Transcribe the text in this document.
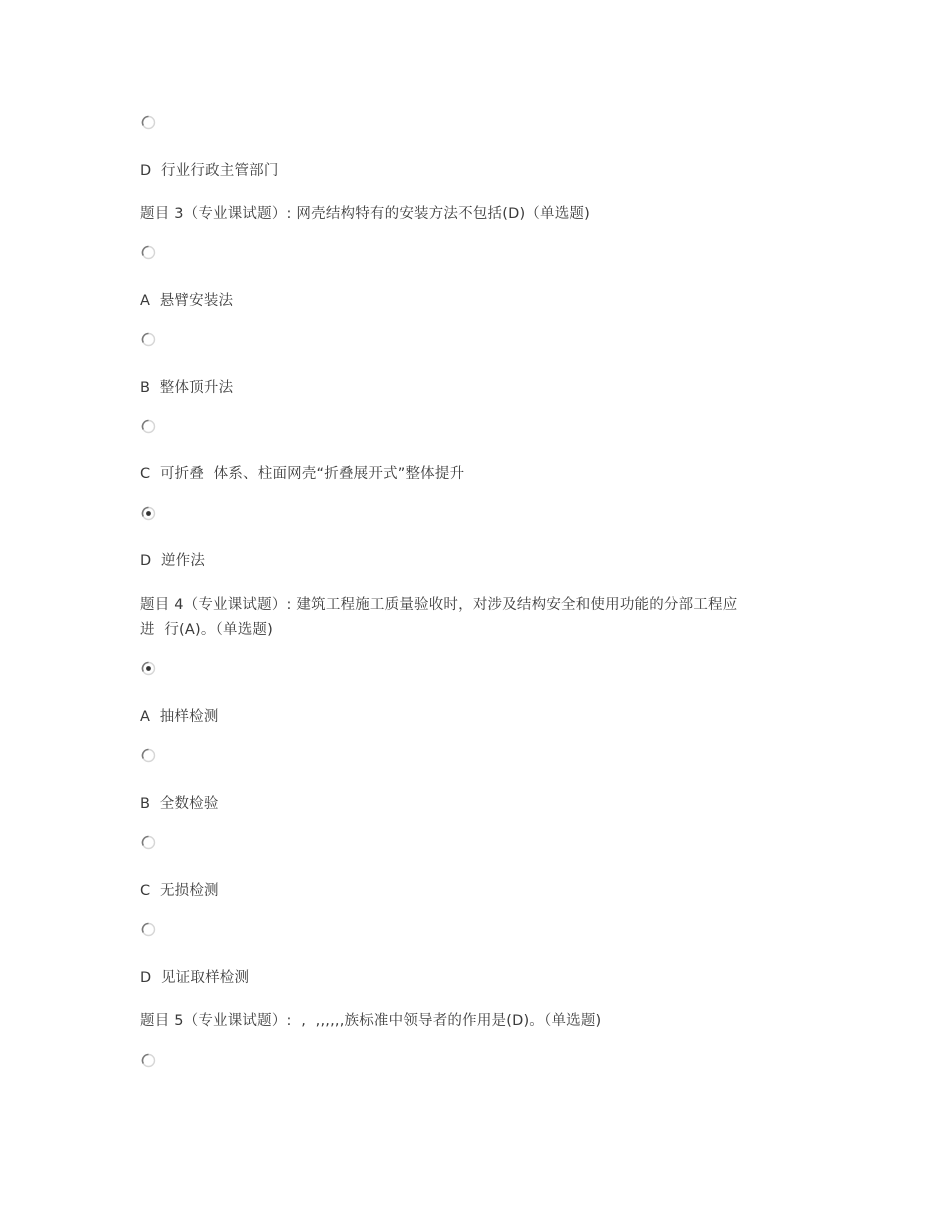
D  行业行政主管部门
题目 3（专业课试题）: 网壳结构特有的安装方法不包括(D)（单选题)
A  悬臂安装法
B  整体顶升法
C  可折叠  体系、柱面网壳“折叠展开式”整体提升
D  逆作法
题目 4（专业课试题）: 建筑工程施工质量验收时，对涉及结构安全和使用功能的分部工程应
进  行(A)。（单选题)
A  抽样检测
B  全数检验
C  无损检测
D  见证取样检测
题目 5（专业课试题）:  ,  ,,,,,,族标准中领导者的作用是(D)。（单选题)
